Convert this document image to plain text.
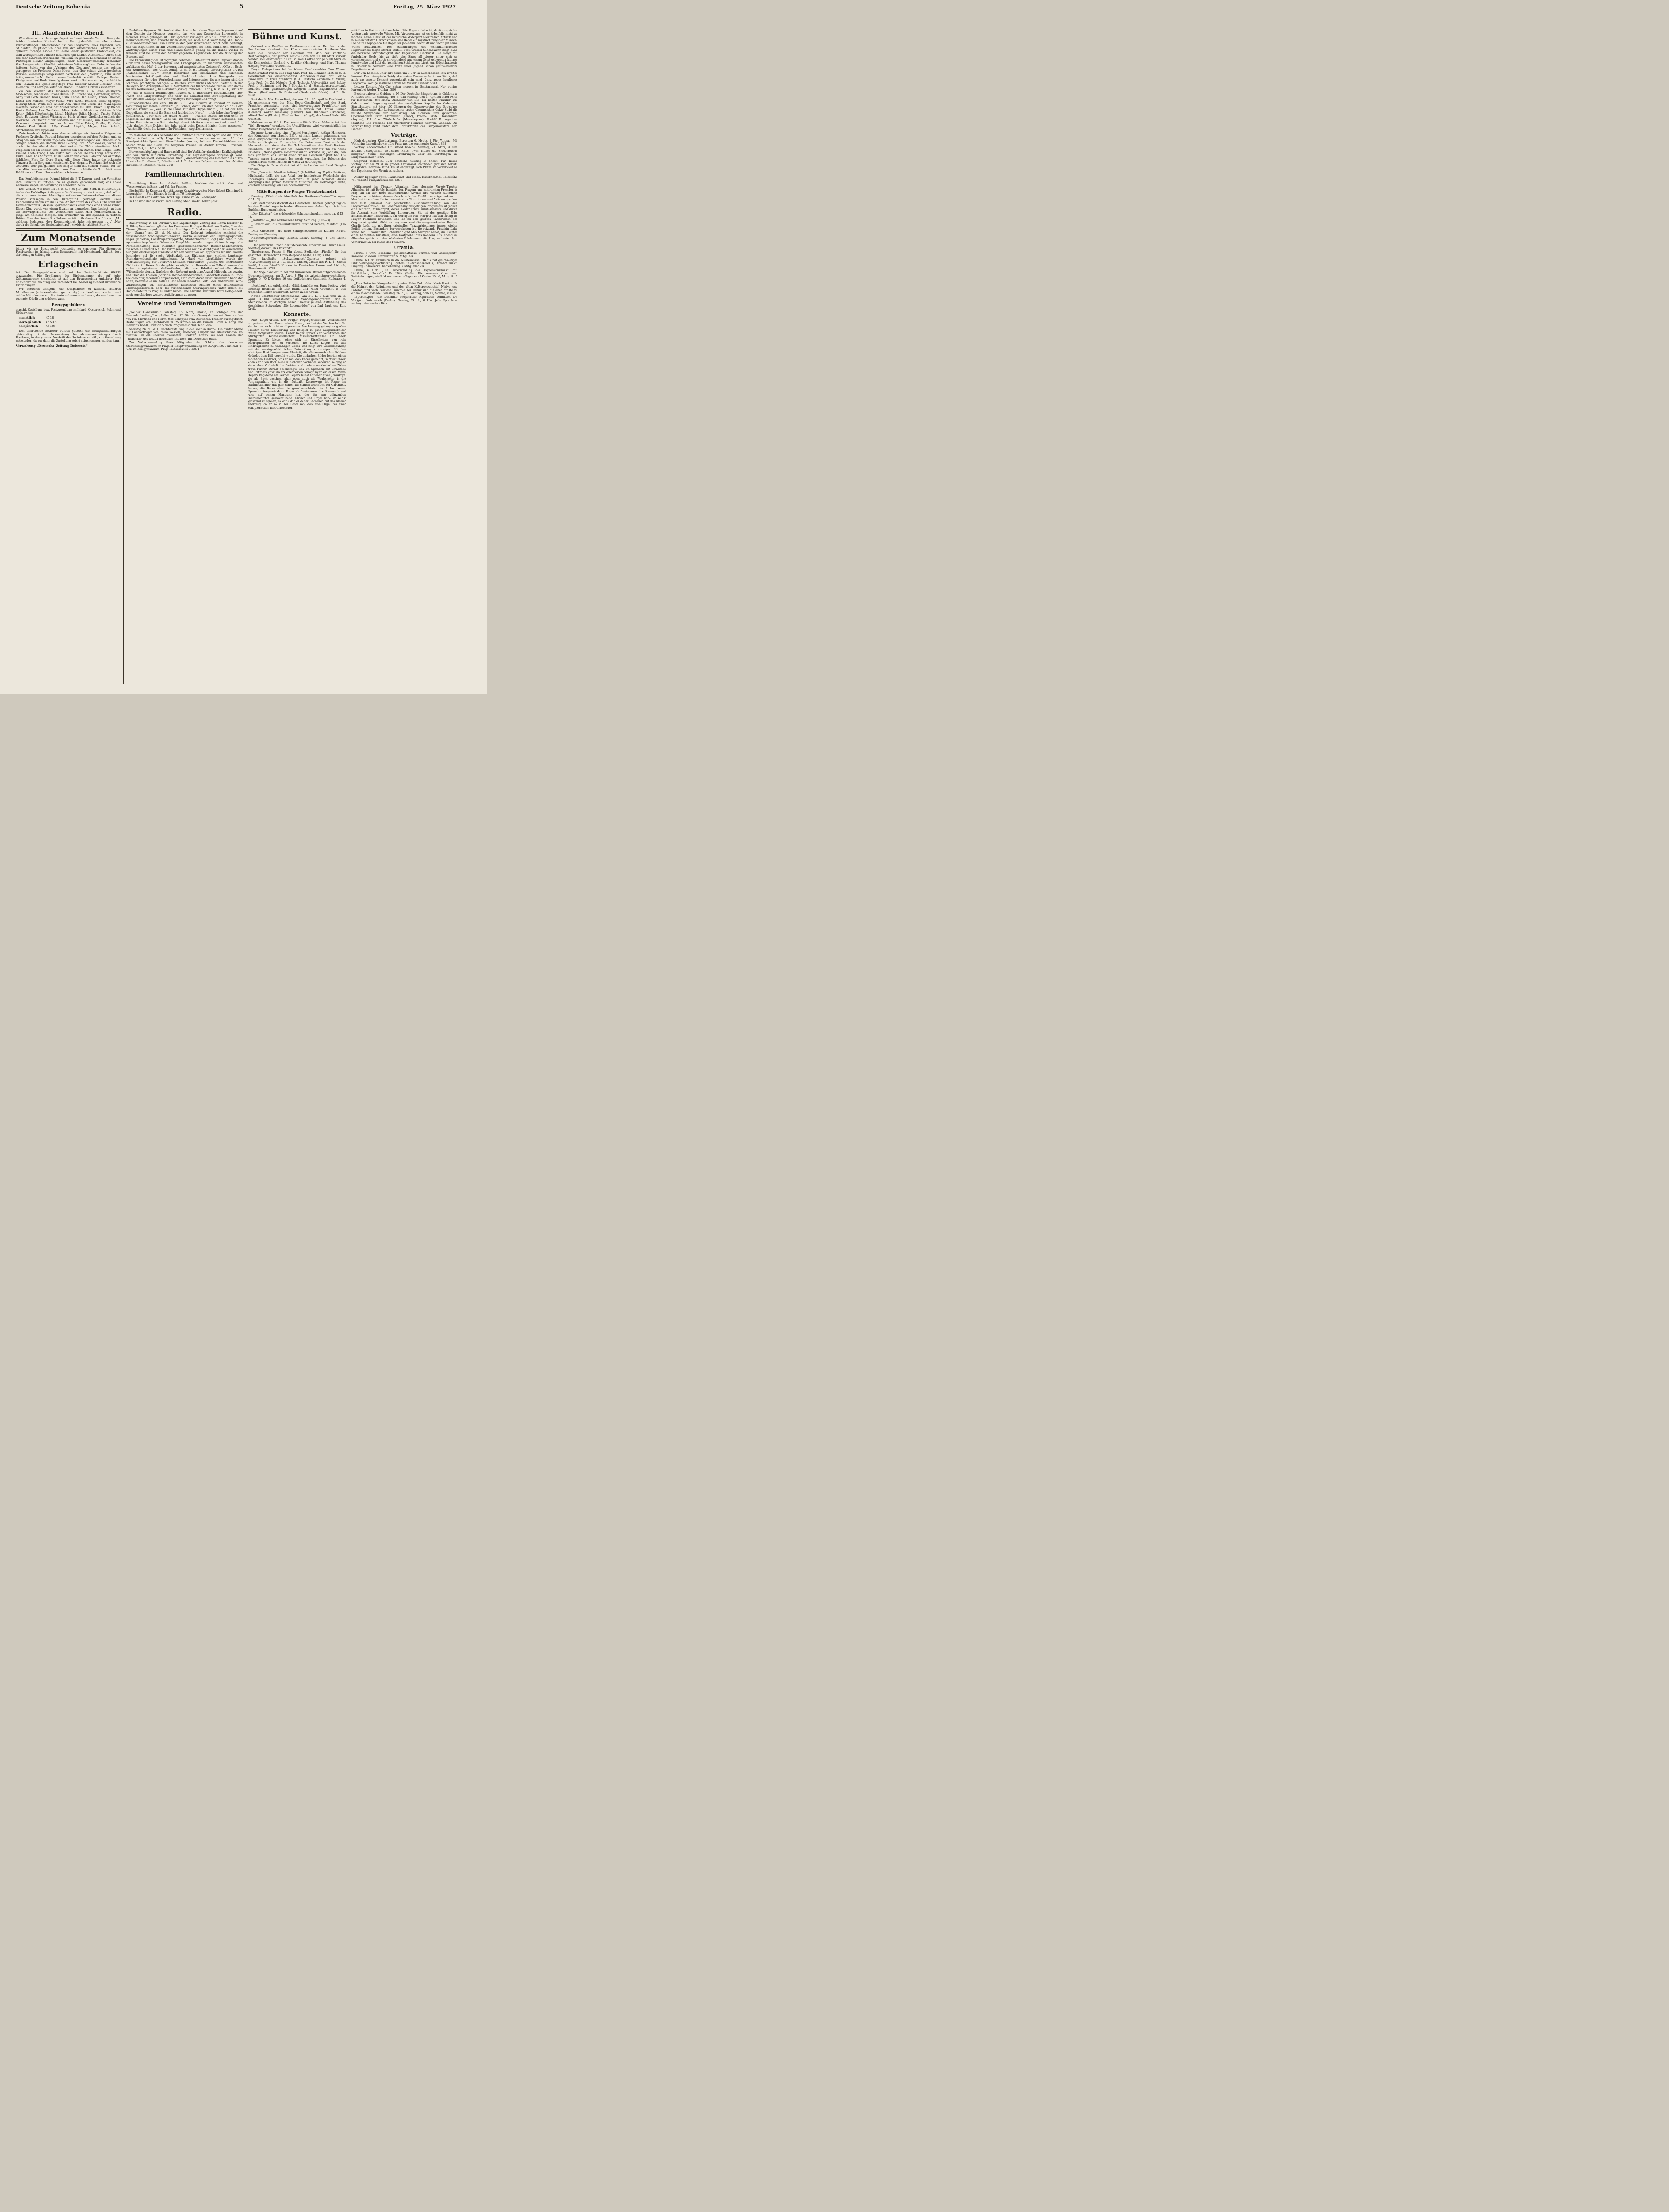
Deutsche Zeitung Bohemia	5	Freitag, 25. März 1927
III. Akademischer Abend.

Was diese schon als eingebürgert zu bezeichnende Veranstaltung der beiden deutschen Hochschulen in Prag jedenfalls von allen andern Veranstaltungen unterscheidet, ist das Programm: alles Eigenbau, von Studenten, hauptsächlich aber von den akademischen Lehrern selbst geliefert, richtige Kinder der Laune, einer geistvollen Fröhlichkeit, die dem würdigernsten Anlasse besonders gut kleidet. Auch heuer durfte sich das sehr zahlreich erschienene Publikum im großen Lucernasaal an einem Platzregen lokaler Anspielungen, einer Ueberschwemmung fröhlicher Verulkungen, einer Sündflut geistreicher Witze ergötzen. Dolmetscher des heiteren Spiels von den „Visionen des Diogenes“ gelang das keinem geringeren als Professor Oskar Kraus, den über seinen vielen gelehrten Werken keineswegs vergessenen Verfasser der „Meyer's“, zum Autor hatte, waren die Mitglieder unserer Landesbühne Attila Hörbiger, Herbert Königsmark und Paula Wessely, denen noch in Solovorträgen, geschickt in den Rahmen des Spiels eingefügt, Frau Direktor Kramer-Glöckner, Theo Hermann, und der Spielleiter des Abends Friedrich Hölzlin assistierten.

Zu den Visionen des Diogenes gehörten u. a. eine gelungene Modeschau, bei der die Damen Braun, Dr. Hirsch-Spak, Herzheiser, Hrubh, Anny und Lotte Kerber, Kraus, Suße Leche, Ina Lusch, Frieda Mauber, Liesel und Malisch, Meyer-Funke, Vera Roedl, Rückert, Imme Springer, Hedwig Stern, Weiß, Ilse Wiener, Ada Finke mit Grazie die Mannequins machten; ferner ein Tanz der Studentinnen mit den Damen Lilly Biehal, Herta Gefsner, Lea Gombrich, Mizzi Kalmus, Marianne Kristian, Hilde Kotny, Edith Klöpfenstein, Liesel Meißner, Edith Menzel, Traute Pojski, Gusti Reukauer, Liesel Wiesmayer, Edith Wiener, Großlicht; endlich der feierliche Schlußeinzug der Minerva und der Musen, zum Gaudium der Zuschauer dargestellt von den Damen Hilde Feisar, Czeike, Eypftein, Valerie Kral, Hüttig, Lilly Keindl, Lippich, Meyer, Liesl Schick, Starkenstein und Tippmann.

Zwischendurch hörte man ebenso witzige wie boshafte Epigramme Professor Kreibichs, Pat und Patachon erschienen auf dem Podium, und zu Strophen von Prof. Kraus zogen die Akademiker singend ein. Akademische Sänger, nämlich die Barden unter Leitung Prof. Nowakowskis, waren es auch, die den Abend durch drei weihevolle Chöre einleiteten. Nicht vergessen sei ein antiker Tanz, getanzt von den Damen Erna Bergel, Lotte Freund, Grete Frang, Hilde Feifar, Toni Greber, Helene König, Käthe Pick, Erika Pazer, Loli Schwarz, Hilde Steiner, mit einem Solotanz der anmutig-lieblichen Frau Dr. Dora Bach. Alle diese Tänze hatte die bekannte Tänzerin Senta Bergmann einstudiert. Das elegante Publikum ließ sich alle Gebotene sehr gut gefallen und kargte nicht mit seinem Beifall, der für alle Mitwirkenden wohlverdient war. Der anschließende Tanz hielt dann Publikum und Darsteller noch lange beisammen.

Das Konfektionshaus Dehmel bittet die P. T. Damen, auch am Vormittag ihre Einkäufe zu tätigen, da es gestern gezwungen war, das Lokal zeitweise wegen Ueberfüllung zu schließen. 5226

Der Verlust. Wir lesen im „B. B.-C.“: Es gibt eine Stadt in Mitteleuropa, in der der Fußballsport die ganze Bevölkerung so stark erregt, daß selbst die dort noch immer lebendigen nationalen Leidenschaften von dieser Passion sozusagen in den Hintergrund „gedrängt“ werden. Zwei Fußballklubs ringen um die Palme. An der Spitze des einen Klubs steht der Kommerzienrat K., dessen Sportfanatismus kaum noch eine Grenze kennt. Dieser Klub wurde von einem Rivalen an demselben Tage besiegt, an dem die Schwiegermutter des Vorsitzenden starb. Herr Kommerzienrat K. ginge am nächsten Morgen, den Trauerflor um den Zylinder, in tiefsten Brüten über den Korso. Ein Bekannter tritt teilnahmsvoll auf ihn zu: „Mit größtem Bedauern, Herr Kommerzienrat, habe ich gelesen . . .“ „Nur durch die Schuld des Schiedsrichters!“, erwiderte erbittert Herr K.

Zum Monatsende

bitten wir, das Bezugsrecht rechtzeitig zu erneuern. Für diejenigen Postbezieher im Inland, deren Bezugsrecht mit Monatsende abläuft, liegt der heutigen Zeitung ein

Erlagschein

bei. Die Bezugsgebühren sind auf das Postscheckkonto 69.833 einzuzahlen. Die Erwähnung der Bindernummer, die auf jeder Zeitungsadresse ersichtlich ist auf den Erlagscheinen (mittlerer Teil) erleichtert die Buchung und verhindert bei Namensgleichheit irrtümliche Eintragungen.

Wir ersuchen dringend, die Erlagscheine zu keinerlei anderen Mitteilungen (Adressenänderungen u. dgl.) zu benützen, sondern und solche Mitteilungen mit Postkarte zukommen zu lassen, da nur dann eine prompte Erledigung erfolgen kann.

Bezugsgebühren

einschl. Zustellung bzw. Postzusendung im Inland, Oesterreich, Polen und Südslawien:

monatlich	Kč 18.—
vierteljährlich	Kč 53.50
halbjährlich	Kč 106.—

Den eintretende Bezieher werden gebeten die Bezugsanmeldungen gleichzeitig mit der Ueberweisung des Abonnementbetrages durch Postkarte, in der genaue Anschrift des Beziehers enthält, der Verwaltung mitzuteilen, da nur dann die Zustellung sofort aufgenommen werden kann.

Verwaltung „Deutsche Zeitung Bohemia“.

Drahtlose Hypnose. Die Sendestation Boston hat dieser Tage ein Experiment auf dem Gebiete der Hypnose gemacht, das, wie aus Zuschriften hervorgeht, in manchen Fällen gelungen ist. Der Sprecher verlangte, daß die Hörer ihre Hände ineinanderfalten, und erklärte ihnen dann, sie seien nicht mehr fähig, die Hände auseinanderzunehmen. Ein Hörer in der pennsylvanischen Stadt York bestätigt, daß das Experiment an ihm vollkommen gelungen sei; nicht einmal den vereinten Anstrengungen seiner Frau und seines Sohnes gelang es, die Hände wieder zu trennen. Erst bei durch den Sender gegebene Gegenbefehl hob die Wirkung der Hypnose auf.

Die Entwicklung der Lithographie behandelt, unterstützt durch Reproduktionen alter und neuer Steingravüren und Lithographien, in mehreren interessanten Aufsätzen das Heft 2 der hervorragend ausgestatteten Zeitschrift „Offset-, Buch- und Werbekunst“. Der Offset-Verlag, G. m. b. H., Leipzig, Gerbergstraße 57. Ein „Kalenderschau 1927“ bringt Bildproben aus Almanachen und Kalendern bestimmter Schriftgießereien und Buchdruckereien. Eine Fundgrube von Anregungen für jeden Werbefachmann und Interessenten bis wie immer sind die schönen, prächtigen Beilagen. — Reiches, vorbildliches Material bietet auch der Beilagen- und Anzeigenteil des 1. Märzheftes des führenden deutschen Fachblattes für das Werbewesen „Die Reklame“ (Verlag Francken u. Lang, G. m. b. H., Berlin W 50), das in seinem reichhaltigen Textteil u. a. instruktive Betrachtungen über „Wort- und Bildgestaltung“ und über die anzustrebende Zweckgestaltung der Induktriellen Anzeige (mit schlagkräftigen Bildbeispielen) bringt.

Humoristisches. Aus dem „Illustr. Bl.“: „Wie, Eduard, du kommst an meinem Geburtstag mit leeren Händen?“ „Ja, Schatz, damit ich dich besser an das Herz drücken kann!“ — „Wer ist die Dame mit dem Doppelkinn?“ „Die hat gar kein Doppelkinn, die ordnet ihr Haar und kleidet ihre Nase.“ — „Ich habe eine Tragödie geschrieben.“ „Wer sind die ersten Witze!“ — „Warum setzen Sie sich denn so ängstlich auf die Bank?“ „Weil Sie, ich muß im Frühling immer aufpassen, daß meine Frau mir keinen Hut unterlegt, damit ich ihr einen neuen kaufen muß.“ — „Ich glaube, Herr Doktor, ich habe nicht beim Konzert hinter Ihnen gesessen.“ „Warten Sie doch, Sie kennen Ihr Pfeifchen,“ sagt Kellermann.

Volkskleider sind das Schönste und Praktischeste für den Sport und die Straße. (Siehe Artikel von Willy Unger in unserer Sonntagsnummer vom 13. ds.) Handgestrickte Sport- und Strandkleider, Jumper, Pullover, Kinderkleidchen, aus bester Wolle und Seide, zu billigsten Preisen im Atelier Hvonne, Smichow, Zborovska 4, 2. Stock. 5878

Nervenerschöpfung und Haarausfall sind die Vorläufer gänzlicher Kahlköpfigkeit, der nur durch künstliche Ernährung der Kopfhautpapille vorgebeugt wird. Verlangen Sie sofort kostenlos das Buch: „Wiederbelebung des Haarwuchses durch künstliche Ernährung“, Miteile und 1 Probe des Präparates von der Arletta-Industrie in Tetschen Nr. 5a. 2549

Familiennachrichten.

Vermählung. Herr Ing. Gabriel Müller, Direktor des städt. Gas- und Wasserwerkes in Saaz, und Frl. Ida Franke.

Sterbefälle. In Komotau der städtische Kanzleiverwalter Herr Robert Klein im 61. Lebensjahr. — Frau Elisabeth Seidl im 76. Lebensjahr.

In Einsiedl der Kaufmann Herr Hugo Kunze im 56. Lebensjahr.

In Karlsbad der Gastwirt Herr Ludwig Steidl im 46. Lebensjahr.

Radio.

Radiovortrag in der „Urania“. Der angekündigte Vortrag des Herrn Direktor K. R. Biber, Vorstandsmitgliedes der Deutschen Funkgesellschaft aus Berlin, über das Thema „Störungsquellen und ihre Beseitigung“, fand vor gut besuchtem Saale in der „Urania“ am 23. d. M. statt. Der Referent behandelte zunächst die verschiedenen Störungsmöglichkeiten, welche außerhalb der Empfangsapparate liegen (Motoren, Hochfrequenzapparate, Straßenbahnen u. dgl.) und dann in den Apparaten begründete Störungen. Empfohlen wurden gegen Motorstörungen die Parallelschaltung zum Kollektor größtdimensionierter Becher-Kondensatoren zwischen 10 und 60 Mf. Der Vortragende wies auf die Wichtigkeit der Verwendung nur ganz erstklassiger Einzelteile für den Selbstbau von Apparaten hin und machte besonders auf die große Wichtigkeit des Einbaues nur wirklich konstanter Hochohmwiderstände aufmerksam. An Hand von Lichtbildern wurde der Fabrikationsgang der „Dralowid-Konstant-Widerstände“ gezeigt, der interessante Einblicke in dieses Sondergebiet ermöglichte. Besonders auffallend waren die vielen komplizierten Meßmethoden, die zur Fabrikationskontrolle dieser Widerstände dienen. Nachdem der Referent noch eine Anzahl Mikrophotos gezeigt und über die Themen „Variable Hochohmwiderstände, Sonderdetektoren in Frage Gleichrichter, federnde Lampensockel, Transformatoren usw.“ ausführlich berichtet hatte, beendete er um halb 11 Uhr seinen lebhaften Beifall des Auditoriums seine Ausführungen. Die anschließende Diskussion brachte einen interessanten Meinungsaustausch über die verschiedenen Störungsquellen unter denen die Radioamateure in Prag zu leiden haben, und einzelne Amateure hatte Gelegenheit, noch verschiedene weitere Aufklärungen zu geben.

Vereine und Veranstaltungen

„Weißer Handschuh.“ Samstag, 26. März, Urania, 12 Schläger aus der Herrenklubreihe „Trumpf über Trumpf“. Die drei Gesangsbuben mit Tanz werden von Frl. Martinek und Herrn Max Schöpper vom Deutschen Theater durchgeführt. Bestellungen von Tischkarten zu 25 Kronen an die Firmen: Stöhr & Lang und Hermann Roedl, Pořitsch 5 Nach Programmschluß Tanz. 2557

Samstag 26. d., 5/11, Nachtvorstellung in der Kleinen Bühne. Ein bunter Abend mit Gastvorträgen von Paula Wessely, Hörbiger, Knüpfer und Kleinschmann. Im zweiten Teil ein überaus amüsanter Einakter. Karten bei allen Kassen der Theaterkarl des Neuen deutschen Theaters und Deutsches Haus.

Zur Vollversammlung ihrer Mitglieder der Schüler des deutschen Staatsrealgymnasiums in Prag III. Hauptversammlung am 3. April 1927 um halb 11 Uhr, im Realgymnasium, Prag III, Zborovská 7. 5891

Bühne und Kunst.

Gerhard von Keußler — Beethovenpreisträger. Bei der in der Preußischen Akademie der Künste veranstalteten Beethovenfeier teilte der Präsident der Akademie mit, daß der staatliche Beethovenpreis, der jährlich auf die Höhe von 10.000 Mark verteilt werden soll, erstmalig für 1927 in zwei Hälften von je 5000 Mark an die Komponisten Gerhard v. Keußler (Hamburg) und Kurt Thomas (Leipzig) verliehen worden ist.

Prager Delegationen bei der Wiener Beethovenfeier. Zum Wiener Beethovenfest reisen aus Prag Univ.-Prof. Dr. Heinrich Rietsch (f. d. Gesellschaft der Wissenschaften), Akademiedirektor Prof. Romeo Finke und Dr. Erich Steinhard (f. d. Deutsche Akademie f. Musik), Univ.-Prof. Dr. Zd. Nejedly (f. d. Tschech. Universität) und Rektor Prof. J. Hoffmann und Dr. J. Krupka (f. d. Staatskonservatorium). Referate beim gleichzeitigen Kongreß haben angemeldet: Prof. Rietsch (Beethoven), Dr. Steinhard (Biedermeier-Musik) und Dr. Dr. Nettl.

Fest des 5. Max Reger-Fest, das vom 26.—30. April in Frankfurt a. M. gemeinsam von der Max Reger-Gesellschaft und der Stadt Frankfurt veranstaltet wird, sind hervorragende Frankfurter und auswärtige Solisten gewonnen. Es wirken mit: Emmi Leisner (Gesang), Walter Gieseking (Klavier), Paul Hindemith (Bratsche), Alfred Hoehn (Klavier), Günther Ramin (Orgel), das Amar-Hindemith-Quartett.

Molnars neues Stück. Das neueste Stück Franz Molnars hat den Titel „Bronzeur“ erhalten. Die Uraufführung wird voraussichtlich im Wiener Burgtheater stattfinden.

Zwangar komponiert eine „Tunnel-Symphonie“. Arthur Honegger, der Komponist von „Pacific 231“, ist nach London gekommen, um diese Symphonie und das Oratorium „König David“ dort in der Albert-Halle zu dirigieren. Er machte die Reise vom Boot nach der Metropole auf einer der Pazifik-Lokomotiven der North-Eastern-Eisenbahn. Die Fahrt auf der Lokomotive war für ihn ein neues Erlebnis. „Meine größte Ueberraschung“, erklärte er, „war die, daß man gar nicht das Gefühl einer großen Geschwindigkeit hat. Die Tunnels waren interessant. Ich werde versuchen, das Erlebnis des Durchfahrens eines Tunnels in Musik zu übertragen.“

Die Geigerin Erna Morini hat sich in London mit Lord Douglas verlobt.

Die „Deutsche Musiker-Zeitung“ (Schriftleitung Teplitz-Schönau, Mühlstraße 1/II), die aus Anlaß der hundertsten Wiederkehr des Todestages Ludwig van Beethovens in jeder Nummer dieses Jahrganges den großen Meister in Aufsätzen und Nekrologen ehrte, erschien neuerdings als Beethoven-Nummer.

Mitteilungen der Prager Theaterkanzlei.

Sonntag „Fidelio“ als Abschluß der Beethoven-Festaufführungen. (114—2).

Der Beethoven-Festschrift des Deutschen Theaters gelangt täglich bei den Vorstellungen in beiden Häusern zum Verkaufe; auch in den Buchhandlungen zu haben.

„Der Diktator“, die erfolgreiche Schauspielneuheit, morgen. (113—1).

„Tartuffe“ — „Der zerbrochene Krug“ Samstag. (115—3).

„Fledermaus“, die neueinstudierte Strauß-Operette, Montag. (116—4).

„Miß Chocolate“, die neue Schlageroperette im Kleinen Hause, Freitag und Samstag.

Nachmittagsvorstellung „Garten Eden“. Sonntag, 3 Uhr, Kleine Bühne.

„Der pünktliche Croß“, der interessante Einakter von Oskar Kraus, Sonntag, darauf „Das Postamt“.

Theaterriege. Prasse 8 Uhr abend Stellprobe „Fidelio“ für den gesamten Herrenchor. Orchesterprobe heute, 1 Uhr, 3 Uhr.

Die fabelhafte „Schwalbennest“-Operette gelangt als Volksvorstellung am 27. d., halb 3 Uhr, zugunsten des D. R. B. Karten 5—18, Logen 35—76 Kronen im Deutschen Hause und Liebsch, Fleischmarkt. 5718

„Der Vogelhändler“ in der mit fürmischem Beifall aufgenommenen Neueinstudierung, am 3. April, 3 Uhr als Arbeitnehmervorstellung. Karten 5—70 K Graben 26 und Leihbücherei Cassinelli, Hußgasse 4. 2980

„Postilion“, die erfolgreiche Militärkomödie von Hans Kottow, wird Sonntag nochmals mit Leo Brand und Mizzi Größlicht in den tragenden Rollen wiederholt. Karten in der Urania.

Neues Stadttheater Steinschönau. Am 31. d., 8 Uhr, und am 3. April, 3 Uhr, veranstaltet der Männergesangverein 1853 in Steinschönau im dortigen neuen Theater je eine Aufführung des dreiaktigen Schwankes „Die Logenbrüder“ von Karl Lauß und Kurt Kraß.

Konzerte.

Max Reger-Abend. Die Prager Regergesellschaft veranstaltete vorgestern in der Urania einen Abend, der bei der Werbearbeit für den immer noch nicht zu allgemeiner Anerkennung gelangten großen Meister durch Erläuterung und Beispiel in ganz ausgezeichneter Weise fortgesetzt wurde. Ueber Reger sprach der Vorsitzende der Stuttgarter Reger-Gesellschaft, Musikschriftsteller Dr. Adolf Spemann. Er bietet, ohne sich in Einzelheiten von rein biographischer Art zu verlieren, die Kunst Regers auf das eindringlichste zu unzähliger Seiten und zeigt ihre Zusammenhang mit der musikgeschichtlichen Entwicklung aufzuzeigen. Mit den wichtigen Beziehungen einer Klarheit, die allzumenschlichen Fehlern Gründet dem Bild gerecht wurde. Die einfachen Bilder lehrten einen mächtigen Eindruck, was er sah, daß Reger gemahnt, in Wirklichkeit eben der alten Bach seine künstlichen Vorbilder bedeutet, so ging er denn ohne Vorbehalt die Meister und andern musikalischen Zielen treue Führer. Darauf beschäftigte sich Dr. Spemann mit Straußens und Pfitzners ganz anders orientierten Schöpfungen einlässen. Wenn Regers Begabung ein Kenner Regers Kunst hat aber einen Januskopf, sie als Bach gesehen, aber eben auch als Wegbereiter in die Vergangenheit wie in die Zukunft. Keineswegs ist Reger im Bachnachahmer, das geht schon aus seinem Gebrauch der Chromatik hervor, die Reger eine die grundverschieden im Aufbau seien. Spemann besprach dann Reger als Verfeinerer der Harmonik und wies auf seinen Klangsinn hin, der ihn zum glänzenden Instrumentator gemacht habe. Klavier und Orgel habe er selbst glänzend zu spielen, so ohne daß er daher Gedanken auf das Klavier übertrug, da er so in der Hand saß, daß eine Orgel bei einer schöpferischen Instrumentation.

mittelbar in Partitur wiederschrieb. Wie Reger spielen ist, darüber gab der Vortragende wertvolle Winke. Mit Virtuosentum ist es jedenfalls nicht zu machen, seine Kunst ist der natürliche Widerpart aller reinen Artistik und in seinen tiefsten Herzensinnern war Reger ein mystisch religiöser Mensch. Die beste Propaganda für Reger sei jedenfalls: recht oft und recht gut seine Werke aufzuführen. Den Ausführungen des wohlunterrichteten Regerkenners folgte starker Beifall. Frau Gromer-Schönemann zeigt dann die herrliche Stimmfähigkeit der Regerschen Liedkunst. Sie steigt mit funkelnder Seele bis zu tiefe des Sinns all dieser unter sich so verschiedenen und doch unverbindend aus einem Geist geborenen kleinen Kunstwerke und hebt die heimlichen Schätze ans Licht. Am Flügel hatte sie in Friederike Schwarz eine trotz ihrer Jugend schon geistverwandte Begleiterin. a. st.

Der Don-Kosaken-Chor gibt heute um 8 Uhr im Luzernasaale sein zweites Konzert. Der triumphale Erfolg des ersten Konzertes hatte zur Folge, daß auch das zweite Konzert ausverkauft sein wird. Ganz neues herrliches Programm. Wenige restliche Karten bei Wesler, Truhlar. 5893

Letztes Konzert Ada Carl schon morgen im Smetanasaal. Nur wenige Karten bei Wesler, Truhlar. 5893

Beethovenfeier in Gablonz a. N. Der Deutsche Sängerbund in Gablonz a. N. rüstet sich für Sonntag, den 3. und Montag, den 4. April zu einer Feier für Beethoven. Mit einem Orchester von 115 der besten Musiker aus Gablonz und Umgebung sowie der vorzüglichen Kapelle des Gablonzer Stadttheaters, mit über 400 Sängern der Gesangvereine des Deutschen Sängerbund unter der Leitung seines ersten Chormeisters Oskar Seibt die neunte Symphonie zur Aufführung. Als Solisten sind gewonnen: Opernsängerin Fritz Klarmüller (Tenor), Praline Grete Hassenberg (Sopran), Frl. Gisa Wiederhofer (Mezzosopran), Rudolf Baumgartner (Bariton). Die Festrede hält Oberlehrer Heinrich Schwan, Gablonz. Die Veranstaltung steht unter dem Protektorate des Bürgermeisters Karl Fischer.

Vorträge.

Klub deutscher Künstlerinnen, Bergstein 6. Heute, 8 Uhr, Vortrag. Ml. Wolschina-Labodinskowa: „Die Frau und die kommende Kunst“. 838

Vortrag Abgeordneter Dr. Alfred Rosche: Montag, 28. März, 8 Uhr abends, „Spiegelsaal, Deutsches Haus: „Was müßte die Steuerreform bringen?“ Meine bisherigen Erfahrungen über die Beratungen im Budgetausschuß“. 5892

Siegfried Trebitsch: „Der deutsche Aufstieg B. Shaws. Für diesen Vortrag, der am 29. d. im großen Uraniasaal stattfindet, gibt sich bereits das größte Interesse kund. Es ist angezeigt, sich Platze im Vorverkauf an der Tageskassa der Urania zu sichern.

Atelier Eppinger-Spirk. Raumkunst und Mode. Karolinenthal, Palackého 75. Neueste Frühjahrsmodelle. 5887

Mißmargret im Theater Alhambra. Das elegante Varieté-Theater Alhambra ist mit Erfolg bemüht, den Pragern und zahlreichen Fremden in Prag ein auf der Höhe internationaler Revuen und Variétés stehendes Programm zu bieten, dessen Geschmack des Publikums entgegenkommt. Man hat hier schon die interessantesten Tänzerinnen und Artisten gesehen und muß jedesmal der geschickten Zusammenstellung von den Programmen zollen. Die Ueberraschung des jetzigen Programms ist jedoch eine Tänzerin, Mißmargret, deren Lieder Tänze Kunst-Kunststil und durch ihr Ausmaß eine Verblüffung hervorrufen. Sie ist der geistige Erbe amerikanischer Tänzerinnen. Im Uebrigen: Miß Margret hat den Erfolg im Prager Publikum bewiesen, daß sie zu den größten Tänzerinnen der Gegenwart gehört. Nicht zu vergessen sind die ausgezeichneten Partner Charlie Lofe, die mit ihren originellen Tanzdarbietungen immer wieder Beifall ernten. Besonders hervorzuheben ist die reizende Fräulein Lida, sowie der Humorist Bar. Schließlich gibt Miß Margret selbst, die Tochter eines bekannten Künstlers, eine Kostprobe ihres Könnens. Ein Abend im Alhambra gehört zu den schönsten Erlebnissen, die Prag zu bieten hat. Vorverkauf an der Kasse des Theaters.

Urania.

Heute, 6 Uhr: „Moderne gesellschaftliche Formen und Geselligkeit“, Karoline Schönau. Einzelkarten 5, Mitgl. 4 K.

Heute, 6 Uhr: Exkursion in die Musterwerke. (Radio mit gleichzeitiger Bildübertragungs-Vorführung. System Telefunken-Karolus). Abfahrt punkt: Eingang Radiowerke. Regiebeitrag 3, Mitglieder 2 K.

Heute, 8 Uhr: „Die Ueberwindung des Expressionismus“, mit Lichtbildern, Univ.-Prof. Dr. Utitz (Halle). Die neuesten Kunst- und Zeitströmungen, ein Bild von unserer Gegenwart! Karten 10—6, Mitgl. 8—5 K.

„Eine Reise ins Morgenland“, großer Reise-Kulturfilm. Nach Persien! In die Heimat der Religionen und der alten Kulturgeschichte! Ninive und Babylon, und nach Persien! Trümmer der Kultur sind die alten Städte zu einem Märchenlande! Samstag, 26. d., 3, Sonntag, halb 11, Montag, 8 Uhr.

„Sportsnypen“ die bekannte Körperliche Figuration vermittelt Dr. Wolfgang Kohlrausch (Berlin), Montag, 28. d., 8 Uhr. Jede Sportform verlangt eine andere Kör-
